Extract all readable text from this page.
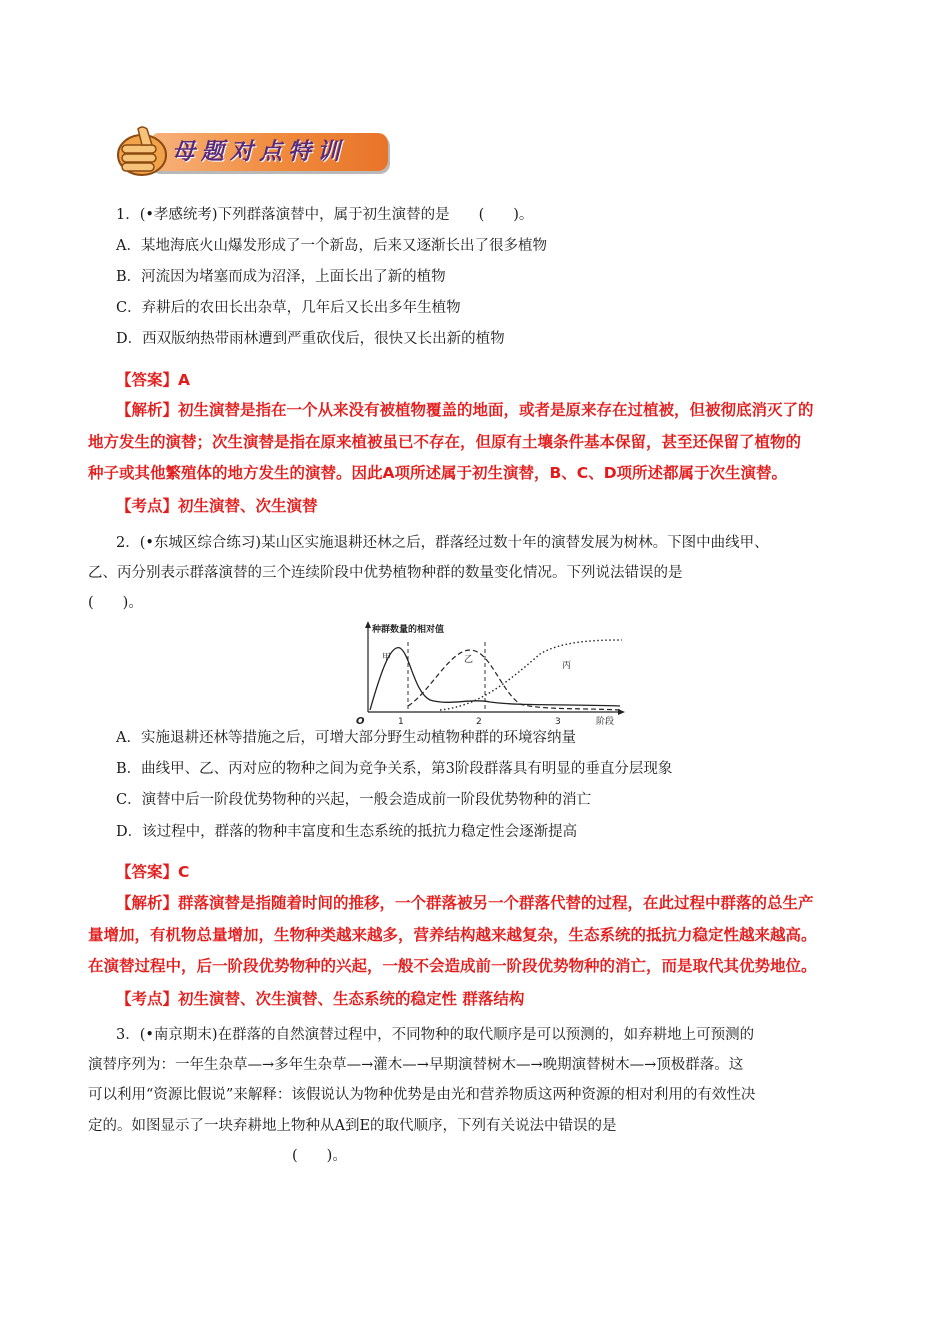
母题对点特训
1．(•孝感统考)下列群落演替中，属于初生演替的是　　(　　)。
A．某地海底火山爆发形成了一个新岛，后来又逐渐长出了很多植物
B．河流因为堵塞而成为沼泽，上面长出了新的植物
C．弃耕后的农田长出杂草，几年后又长出多年生植物
D．西双版纳热带雨林遭到严重砍伐后，很快又长出新的植物
【答案】A
【解析】初生演替是指在一个从来没有被植物覆盖的地面，或者是原来存在过植被，但被彻底消灭了的
地方发生的演替；次生演替是指在原来植被虽已不存在，但原有土壤条件基本保留，甚至还保留了植物的
种子或其他繁殖体的地方发生的演替。因此A项所述属于初生演替，B、C、D项所述都属于次生演替。
【考点】初生演替、次生演替
2．(•东城区综合练习)某山区实施退耕还林之后，群落经过数十年的演替发展为树林。下图中曲线甲、
乙、丙分别表示群落演替的三个连续阶段中优势植物种群的数量变化情况。下列说法错误的是
(　　)。
种群数量的相对值
O	1	2	3	阶段
甲	乙
丙
A．实施退耕还林等措施之后，可增大部分野生动植物种群的环境容纳量
B．曲线甲、乙、丙对应的物种之间为竞争关系，第3阶段群落具有明显的垂直分层现象
C．演替中后一阶段优势物种的兴起，一般会造成前一阶段优势物种的消亡
D．该过程中，群落的物种丰富度和生态系统的抵抗力稳定性会逐渐提高
【答案】C
【解析】群落演替是指随着时间的推移，一个群落被另一个群落代替的过程，在此过程中群落的总生产
量增加，有机物总量增加，生物种类越来越多，营养结构越来越复杂，生态系统的抵抗力稳定性越来越高。
在演替过程中，后一阶段优势物种的兴起，一般不会造成前一阶段优势物种的消亡，而是取代其优势地位。
【考点】初生演替、次生演替、生态系统的稳定性 群落结构
3．(•南京期末)在群落的自然演替过程中，不同物种的取代顺序是可以预测的，如弃耕地上可预测的
演替序列为：一年生杂草—→多年生杂草—→灌木—→早期演替树木—→晚期演替树木—→顶极群落。这
可以利用“资源比假说”来解释：该假说认为物种优势是由光和营养物质这两种资源的相对利用的有效性决
定的。如图显示了一块弃耕地上物种从A到E的取代顺序，下列有关说法中错误的是
(　　)。
